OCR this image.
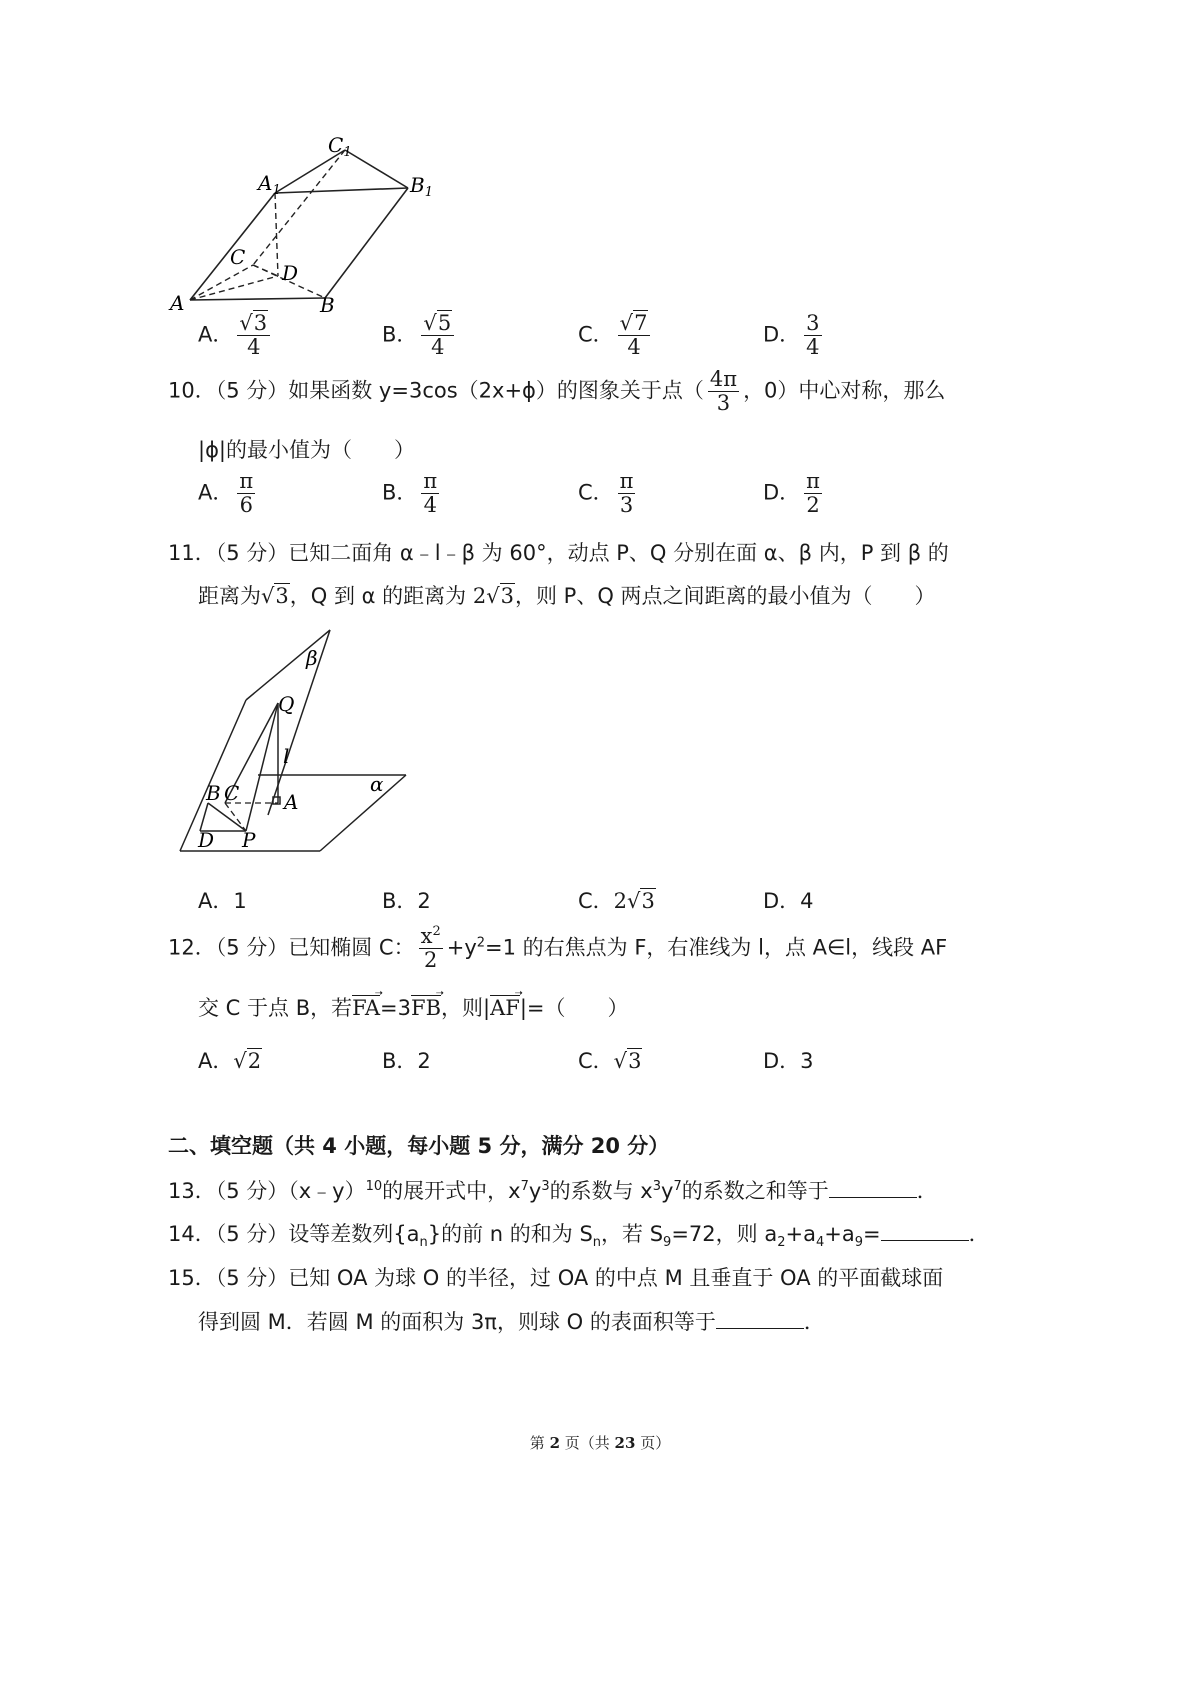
$C_1$
$A_1$	$B_1$
C
D
A	B
A． $\frac{√3}{4}$	B． $\frac{√5}{4}$	C． $\frac{√7}{4}$	D． $\frac{3}{4}$
10．（5 分）如果函数 y=3cos（2x+ϕ）的图象关于点（ $\frac{4\pi}{3}$ ，0）中心对称，那么
|ϕ|的最小值为（　　）
A． $\frac{\pi}{6}$	B． $\frac{\pi}{4}$	C． $\frac{\pi}{3}$	D． $\frac{\pi}{2}$
11．（5 分）已知二面角 α﹣l﹣β 为 60°，动点 P、Q 分别在面 α、β 内，P 到 β 的
距离为√3，Q 到 α 的距离为 2√3，则 P、Q 两点之间距离的最小值为（　　）
β
Q
l
α
B C A
D P
A．1	B．2	C．2√3	D．4
12．（5 分）已知椭圆 C： $\frac{x^2}{2} +y^2=1$ 的右焦点为 F，右准线为 l，点 A∈l，线段 AF
交 C 于点 B，若FA
➝
=3FB
➝
，则|AF
➝
|=（　　）
A．√2	B．2	C．√3	D．3
二、填空题（共 4 小题，每小题 5 分，满分 20 分）
13．（5 分）（x﹣y）$^{10}$的展开式中，$x^7y^3$的系数与 $x^3y^7$的系数之和等于	．
14．（5 分）设等差数列$\{a_n\}$的前 n 的和为 $S_n$，若 $S_9=72$，则 $a_2+a_4+a_9=$	．
15．（5 分）已知 OA 为球 O 的半径，过 OA 的中点 M 且垂直于 OA 的平面截球面
得到圆 M．若圆 M 的面积为 3π，则球 O 的表面积等于	．
第 2 页（共 23 页）
